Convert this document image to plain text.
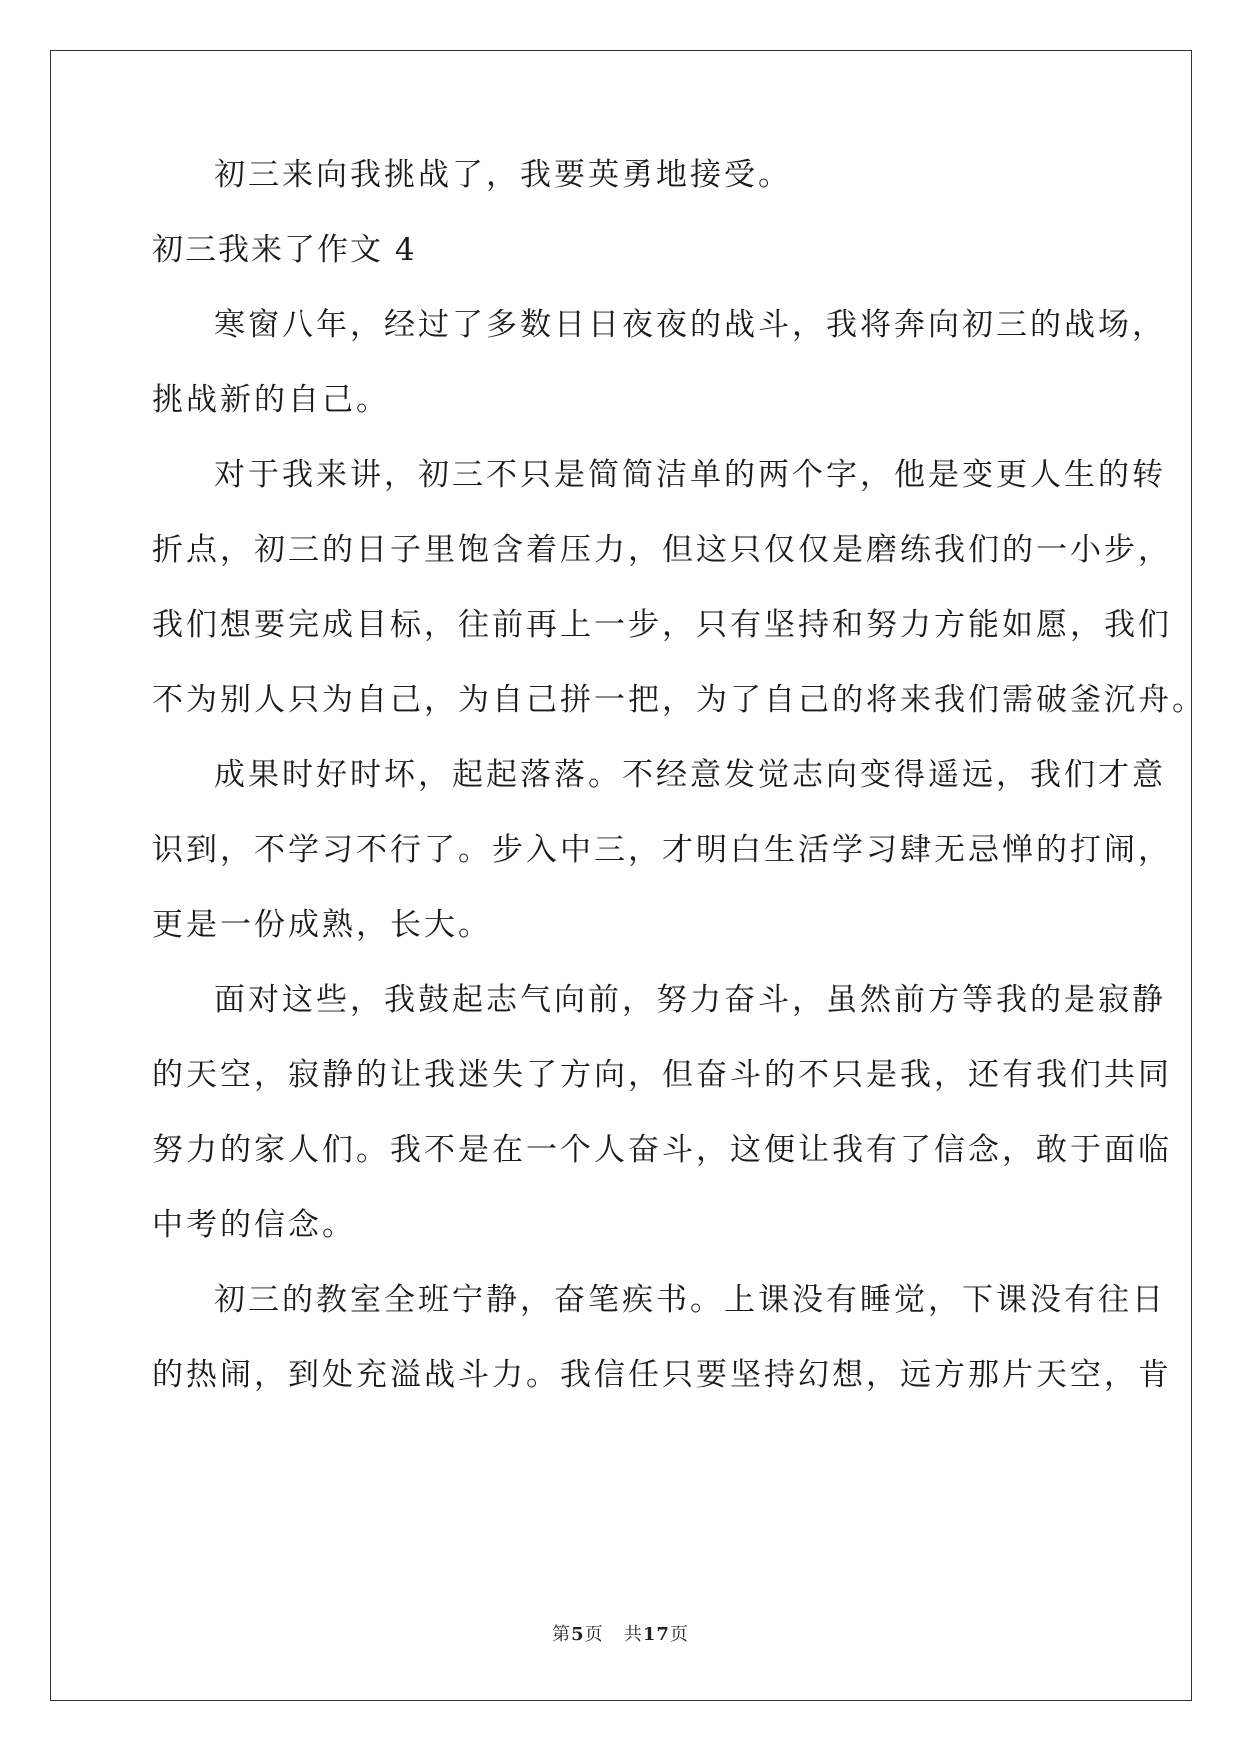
初三来向我挑战了，我要英勇地接受。
初三我来了作文 4
寒窗八年，经过了多数日日夜夜的战斗，我将奔向初三的战场，
挑战新的自己。
对于我来讲，初三不只是简简洁单的两个字，他是变更人生的转
折点，初三的日子里饱含着压力，但这只仅仅是磨练我们的一小步，
我们想要完成目标，往前再上一步，只有坚持和努力方能如愿，我们
不为别人只为自己，为自己拼一把，为了自己的将来我们需破釜沉舟。
成果时好时坏，起起落落。不经意发觉志向变得遥远，我们才意
识到，不学习不行了。步入中三，才明白生活学习肆无忌惮的打闹，
更是一份成熟，长大。
面对这些，我鼓起志气向前，努力奋斗，虽然前方等我的是寂静
的天空，寂静的让我迷失了方向，但奋斗的不只是我，还有我们共同
努力的家人们。我不是在一个人奋斗，这便让我有了信念，敢于面临
中考的信念。
初三的教室全班宁静，奋笔疾书。上课没有睡觉，下课没有往日
的热闹，到处充溢战斗力。我信任只要坚持幻想，远方那片天空，肯
第5页 共17页
